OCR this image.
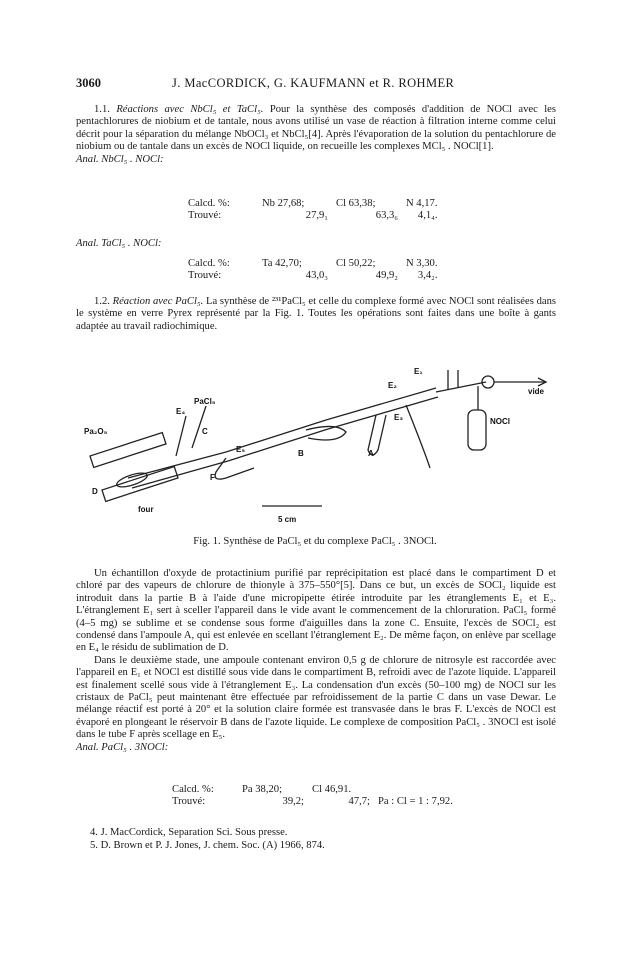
3060	J. MacCORDICK, G. KAUFMANN et R. ROHMER

1.1. Réactions avec NbCl₅ et TaCl₅. Pour la synthèse des composés d'addition de NOCl avec les pentachlorures de niobium et de tantale, nous avons utilisé un vase de réaction à filtration interne comme celui décrit pour la séparation du mélange NbOCl₃ et NbCl₅[4]. Après l'évaporation de la solution du pentachlorure de niobium ou de tantale dans un excès de NOCl liquide, on recueille les complexes MCl₅ . NOCl[1].

Anal. NbCl₅ . NOCl:

Calcd. %:	Nb 27,68;	Cl 63,38;	N 4,17.
Trouvé:	27,9₁	63,3₆	4,1₄.

Anal. TaCl₅ . NOCl:

Calcd. %:	Ta 42,70;	Cl 50,22;	N 3,30.
Trouvé:	43,0₃	49,9₂	3,4₂.

1.2. Réaction avec PaCl₅. La synthèse de ²³¹PaCl₅ et celle du complexe formé avec NOCl sont réalisées dans le système en verre Pyrex représenté par la Fig. 1. Toutes les opérations sont faites dans une boîte à gants adaptée au travail radiochimique.

PaCl₅
Pa₂O₅
E₄
C
D
four
F
E₅	B	A
E₂
E₁
E₃
vide
NOCl
5 cm
Fig. 1. Synthèse de PaCl₅ et du complexe PaCl₅ . 3NOCl.

Un échantillon d'oxyde de protactinium purifié par reprécipitation est placé dans le compartiment D et chloré par des vapeurs de chlorure de thionyle à 375–550°[5]. Dans ce but, un excès de SOCl₂ liquide est introduit dans la partie B à l'aide d'une micropipette étirée introduite par les étranglements E₁ et E₃. L'étranglement E₁ sert à sceller l'appareil dans le vide avant le commencement de la chloruration. PaCl₅ formé (4–5 mg) se sublime et se condense sous forme d'aiguilles dans la zone C. Ensuite, l'excès de SOCl₂ est condensé dans l'ampoule A, qui est enlevée en scellant l'étranglement E₂. De même façon, on enlève par scellage en E₄ le résidu de sublimation de D.

Dans le deuxième stade, une ampoule contenant environ 0,5 g de chlorure de nitrosyle est raccordée avec l'appareil en E₁ et NOCl est distillé sous vide dans le compartiment B, refroidi avec de l'azote liquide. L'appareil est finalement scellé sous vide à l'étranglement E₃. La condensation d'un excès (50–100 mg) de NOCl sur les cristaux de PaCl₅ peut maintenant être effectuée par refroidissement de la partie C dans un vase Dewar. Le mélange réactif est porté à 20° et la solution claire formée est transvasée dans le bras F. L'excès de NOCl est évaporé en plongeant le réservoir B dans de l'azote liquide. Le complexe de composition PaCl₅ . 3NOCl est isolé dans le tube F après scellage en E₅.

Anal. PaCl₅ . 3NOCl:

Calcd. %:	Pa 38,20;	Cl 46,91.	
Trouvé:	39,2;	47,7;	Pa : Cl = 1 : 7,92.
4. J. MacCordick, Separation Sci. Sous presse.
5. D. Brown et P. J. Jones, J. chem. Soc. (A) 1966, 874.
